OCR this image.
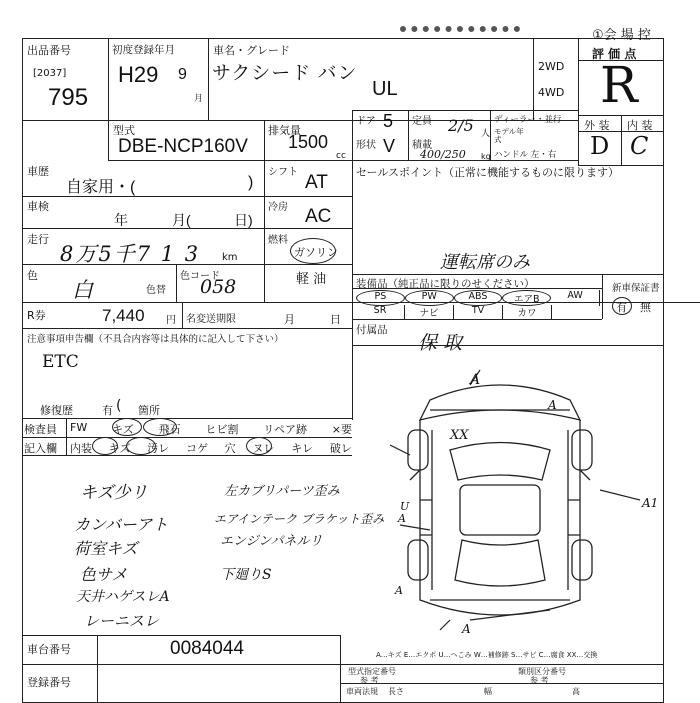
①会 場 控
出品番号
[2037]
795
初度登録年月
H29 9
月
車名・グレード
サクシード バン
UL
2WD
4WD
評 価 点
R
外 装 内 装
D C
型式
DBE-NCP160V
排気量
1500
cc
ドア 5
形状 V
定員 2/5 人
積載
400/250 kg
ディーラー・並行
モデル年式
ハンドル 左・右
車歴
自家用・(	)
シフト AT
車検
年	月(	日)
冷房 AC
走行
8万5千7 1 3 km
燃料
ガソリン
軽 油
色
白	色替
色コード
058
R券	7,440 円 名変送期限	月	日
注意事項申告欄（不具合内容等は具体的に記入して下さい）
ETC
修復歴	有 箇所
(
検査員
記入欄
FW キズ 飛石 ヒビ割 リペア跡 ×要
内装 キズ 汚レ コゲ 穴 ヌレ キレ 破レ
キズ少リ
カンバーアト
荷室キズ
色サメ
天井ハゲスレA
レーニスレ
左カブリパーツ歪み
エアインテーク ブラケット歪み
エンジンパネルリ
下廻りS
セールスポイント（正常に機能するものに限ります）
運転席のみ
装備品（純正品に限りのせください）
PS	PW	ABS	エアB	AW
SR	ナビ	TV	カワ
新車保証書
有 無
付属品
保 取
A
A
XX
U
A
A1
A
A
A…キズ E…エクボ U…へこみ W…補修跡 S…サビ C…腐食 XX…交換
車台番号	0084044
登録番号
型式指定番号
参 考
類別区分番号
参 考
車両法規 長さ	幅	高
